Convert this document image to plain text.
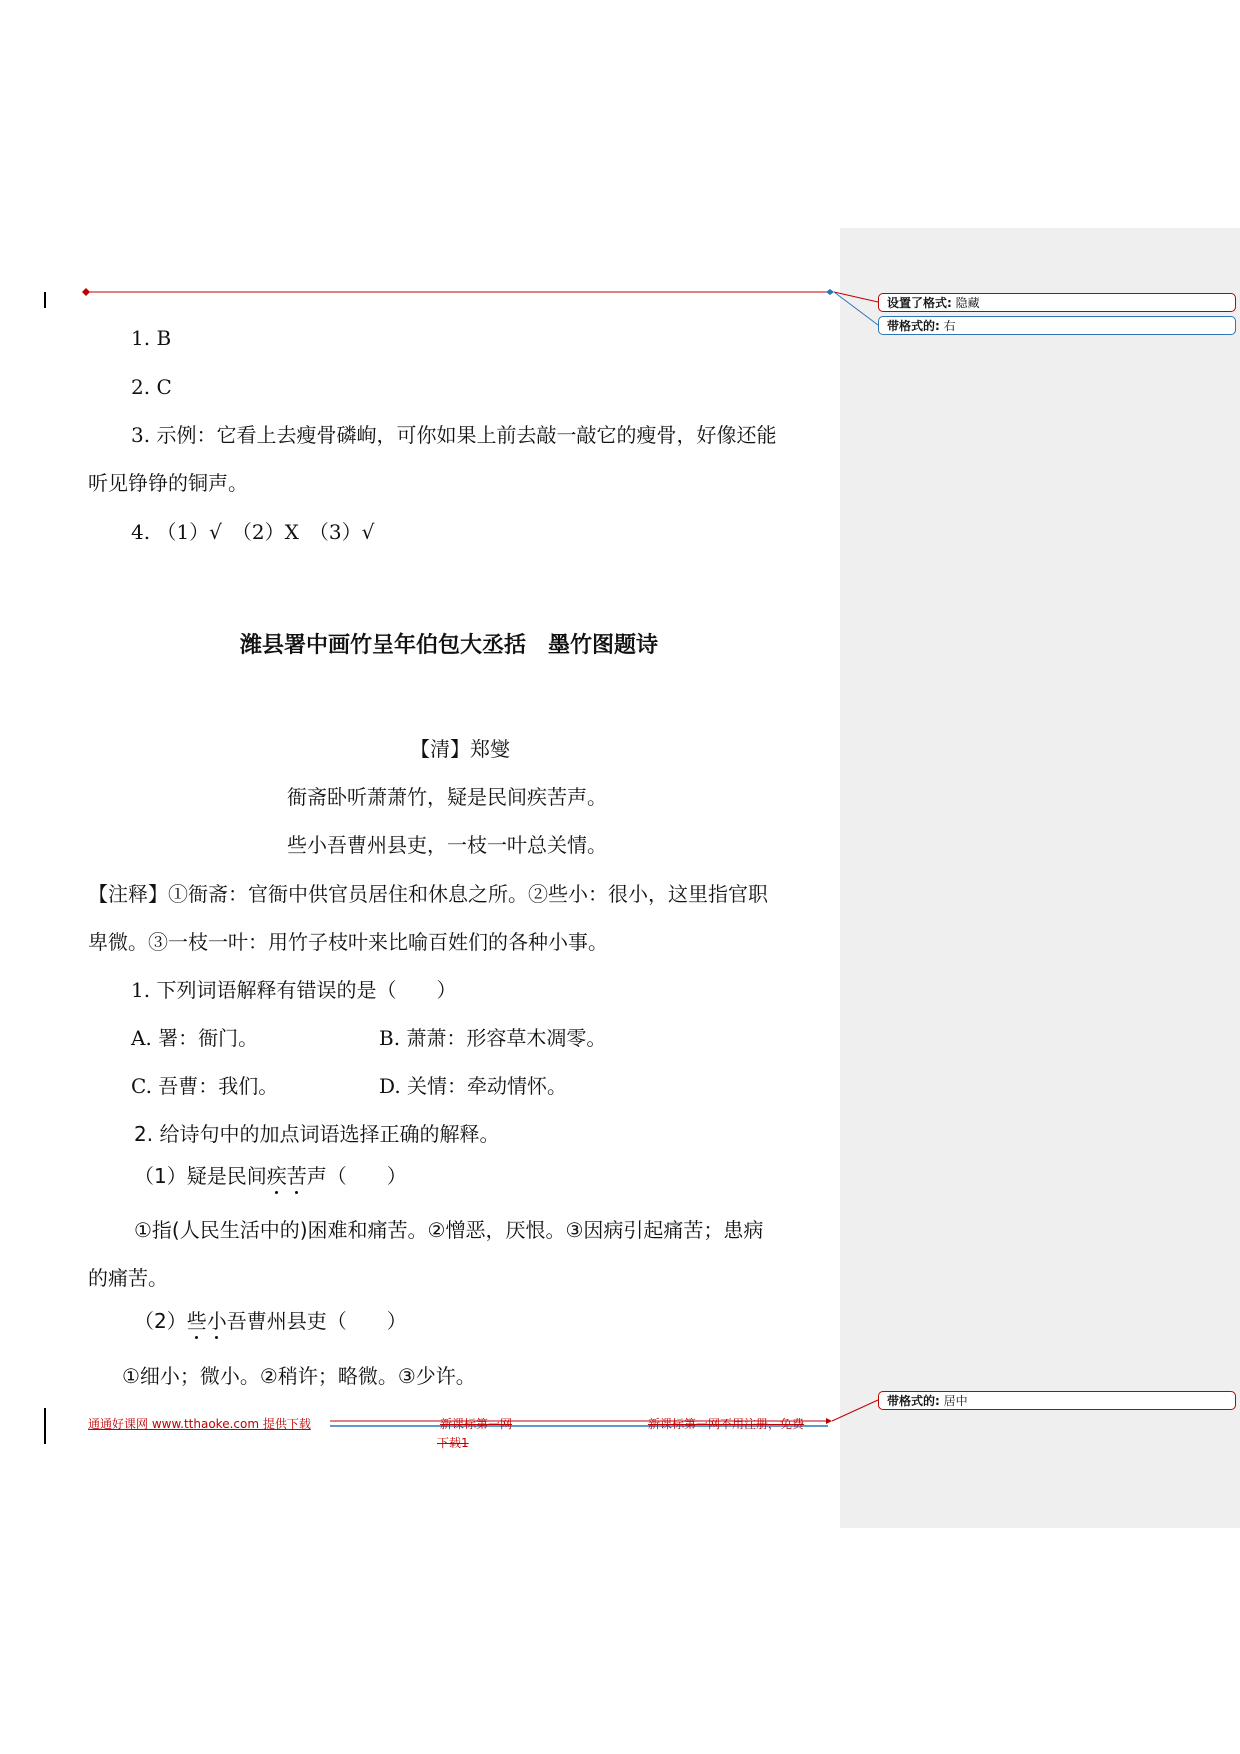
1. B
2. C
3. 示例：它看上去瘦骨磷峋，可你如果上前去敲一敲它的瘦骨，好像还能
听见铮铮的铜声。
4. （1）√　（2）X　（3）√
潍县署中画竹呈年伯包大丞括　墨竹图题诗
【清】郑燮
衙斋卧听萧萧竹，疑是民间疾苦声。
些小吾曹州县吏，一枝一叶总关情。
【注释】①衙斋：官衙中供官员居住和休息之所。②些小：很小，这里指官职
卑微。③一枝一叶：用竹子枝叶来比喻百姓们的各种小事。
1. 下列词语解释有错误的是（　　）
A. 署：衙门。	B. 萧萧：形容草木凋零。
C. 吾曹：我们。	D. 关情：牵动情怀。
2. 给诗句中的加点词语选择正确的解释。
（1）疑是民间疾苦声（　　）
①指(人民生活中的)困难和痛苦。②憎恶，厌恨。③因病引起痛苦；患病
的痛苦。
（2）些小吾曹州县吏（　　）
①细小；微小。②稍许；略微。③少许。
通通好课网 www.tthaoke.com 提供下载	新课标第一网
下载1
新课标第一网不用注册，免费
设置了格式: 隐藏
带格式的: 右
带格式的: 居中
